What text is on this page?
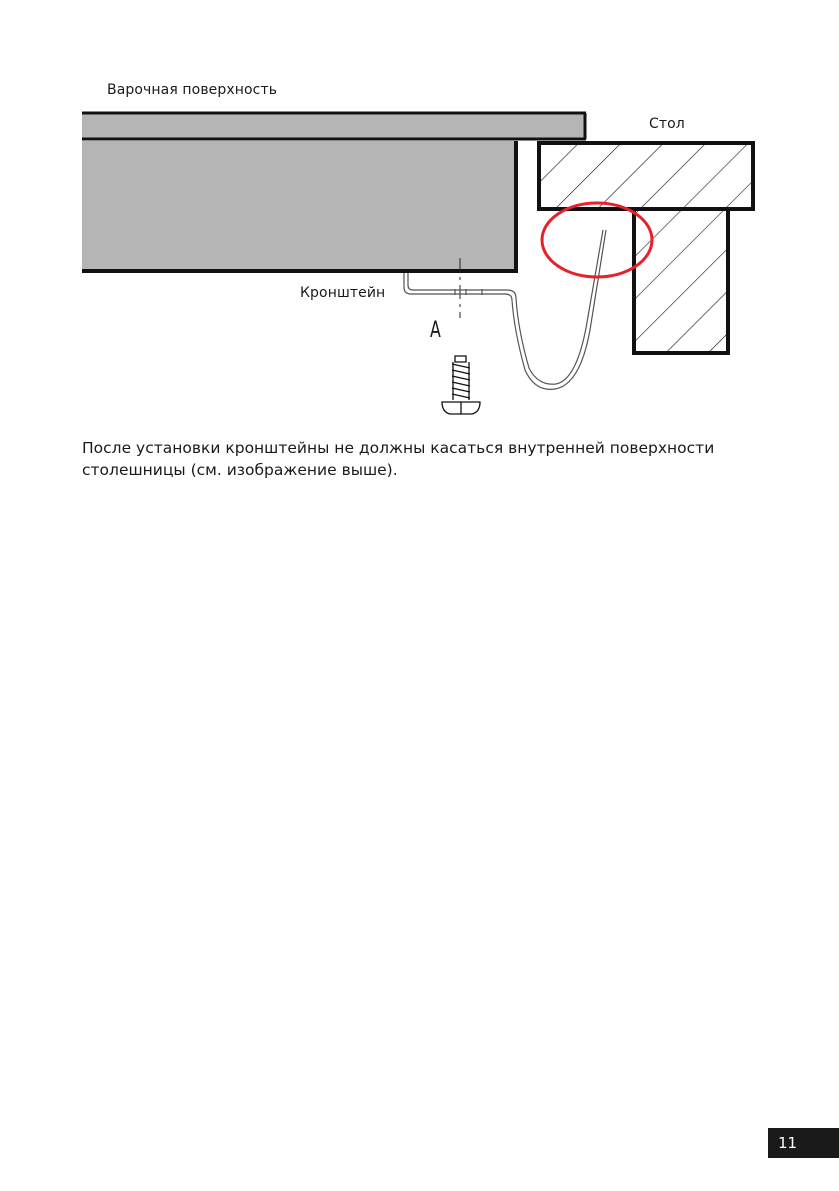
Варочная поверхность
Стол
Кронштейн
A

После установки кронштейны не должны касаться внутренней поверхности столешницы (см. изображение выше).

11
